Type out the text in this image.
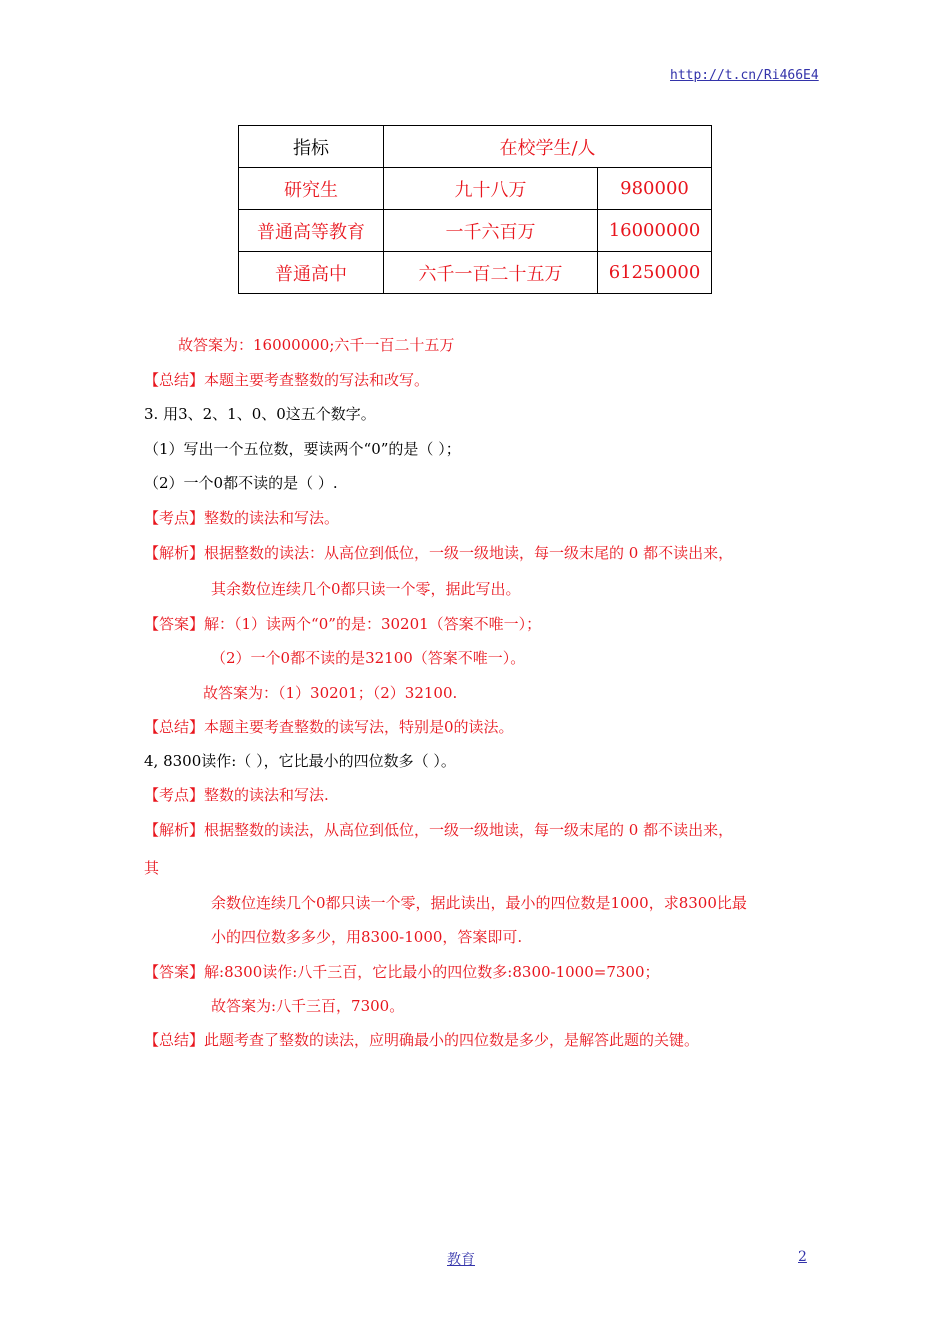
http://t.cn/Ri466E4
指标	在校学生/人	
研究生	九十八万	980000
普通高等教育	一千六百万	16000000
普通高中	六千一百二十五万	61250000
故答案为：16000000;六千一百二十五万
【总结】本题主要考查整数的写法和改写。
3. 用3、2、1、0、0这五个数字。
（1）写出一个五位数，要读两个“0”的是（ ）；
（2）一个0都不读的是（ ）.
【考点】整数的读法和写法。
【解析】根据整数的读法：从高位到低位，一级一级地读，每一级末尾的 0 都不读出来，
其余数位连续几个0都只读一个零，据此写出。
【答案】解：（1）读两个“0”的是：30201（答案不唯一）；
（2）一个0都不读的是32100（答案不唯一）。
故答案为：（1）30201；（2）32100.
【总结】本题主要考查整数的读写法，特别是0的读法。
4, 8300读作:（ ），它比最小的四位数多（ ）。
【考点】整数的读法和写法.
【解析】根据整数的读法，从高位到低位，一级一级地读，每一级末尾的 0 都不读出来，
其
余数位连续几个0都只读一个零，据此读出，最小的四位数是1000，求8300比最
小的四位数多多少，用8300-1000，答案即可.
【答案】解:8300读作:八千三百，它比最小的四位数多:8300-1000=7300；
故答案为:八千三百，7300。
【总结】此题考查了整数的读法，应明确最小的四位数是多少，是解答此题的关键。
教育	2
